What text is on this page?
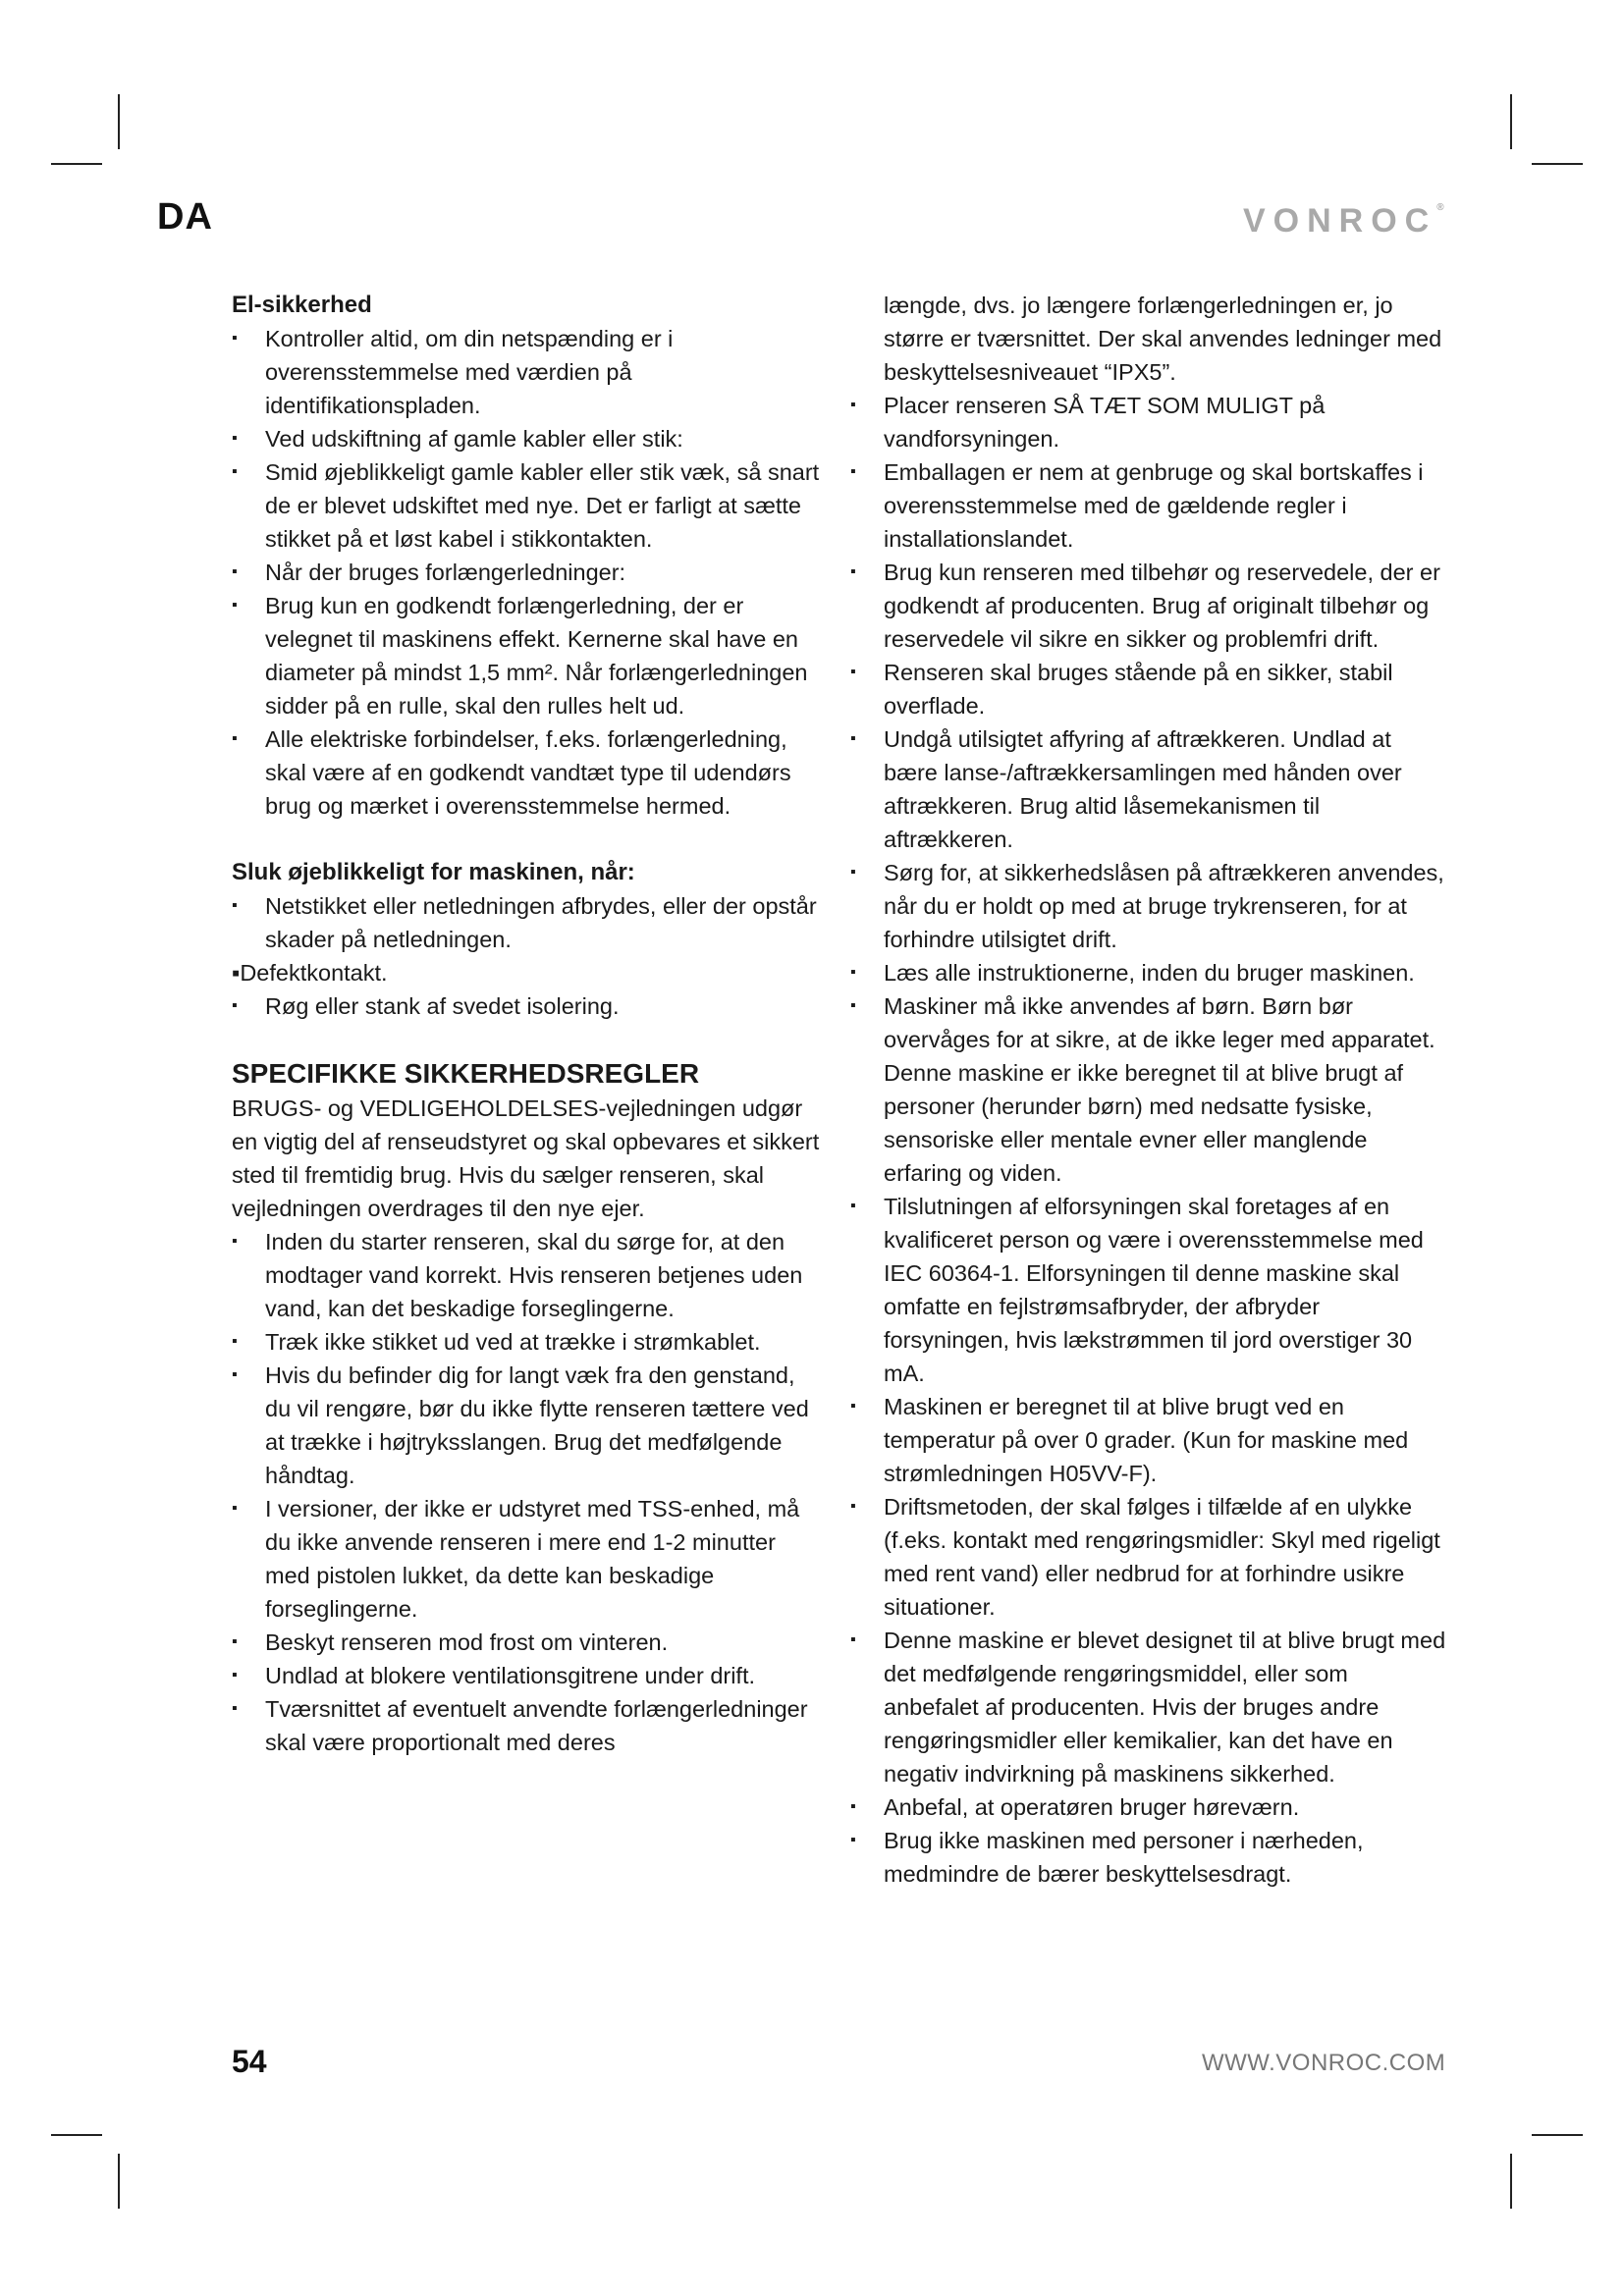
DA	VONROC®
El-sikkerhed
▪ Kontroller altid, om din netspænding er i overensstemmelse med værdien på identifikationspladen.
▪ Ved udskiftning af gamle kabler eller stik:
▪ Smid øjeblikkeligt gamle kabler eller stik væk, så snart de er blevet udskiftet med nye. Det er farligt at sætte stikket på et løst kabel i stikkontakten.
▪ Når der bruges forlængerledninger:
▪ Brug kun en godkendt forlængerledning, der er velegnet til maskinens effekt. Kernerne skal have en diameter på mindst 1,5 mm². Når forlængerledningen sidder på en rulle, skal den rulles helt ud.
▪ Alle elektriske forbindelser, f.eks. forlængerledning, skal være af en godkendt vandtæt type til udendørs brug og mærket i overensstemmelse hermed.
Sluk øjeblikkeligt for maskinen, når:
▪ Netstikket eller netledningen afbrydes, eller der opstår skader på netledningen.
▪Defektkontakt.
▪ Røg eller stank af svedet isolering.
SPECIFIKKE SIKKERHEDSREGLER

BRUGS- og VEDLIGEHOLDELSES-vejledningen udgør en vigtig del af renseudstyret og skal opbevares et sikkert sted til fremtidig brug. Hvis du sælger renseren, skal vejledningen overdrages til den nye ejer.

▪ Inden du starter renseren, skal du sørge for, at den modtager vand korrekt. Hvis renseren betjenes uden vand, kan det beskadige forseglingerne.
▪ Træk ikke stikket ud ved at trække i strømkablet.
▪ Hvis du befinder dig for langt væk fra den genstand, du vil rengøre, bør du ikke flytte renseren tættere ved at trække i højtryksslangen. Brug det medfølgende håndtag.
▪ I versioner, der ikke er udstyret med TSS-enhed, må du ikke anvende renseren i mere end 1-2 minutter med pistolen lukket, da dette kan beskadige forseglingerne.
▪ Beskyt renseren mod frost om vinteren.
▪ Undlad at blokere ventilationsgitrene under drift.
▪ Tværsnittet af eventuelt anvendte forlængerledninger skal være proportionalt med deres
længde, dvs. jo længere forlængerledningen er, jo større er tværsnittet. Der skal anvendes ledninger med beskyttelsesniveauet “IPX5”.
▪ Placer renseren SÅ TÆT SOM MULIGT på vandforsyningen.
▪ Emballagen er nem at genbruge og skal bortskaffes i overensstemmelse med de gældende regler i installationslandet.
▪ Brug kun renseren med tilbehør og reservedele, der er godkendt af producenten. Brug af originalt tilbehør og reservedele vil sikre en sikker og problemfri drift.
▪ Renseren skal bruges stående på en sikker, stabil overflade.
▪ Undgå utilsigtet affyring af aftrækkeren. Undlad at bære lanse-/aftrækkersamlingen med hånden over aftrækkeren. Brug altid låsemekanismen til aftrækkeren.
▪ Sørg for, at sikkerhedslåsen på aftrækkeren anvendes, når du er holdt op med at bruge trykrenseren, for at forhindre utilsigtet drift.
▪ Læs alle instruktionerne, inden du bruger maskinen.
▪ Maskiner må ikke anvendes af børn. Børn bør overvåges for at sikre, at de ikke leger med apparatet. Denne maskine er ikke beregnet til at blive brugt af personer (herunder børn) med nedsatte fysiske, sensoriske eller mentale evner eller manglende erfaring og viden.
▪ Tilslutningen af elforsyningen skal foretages af en kvalificeret person og være i overensstemmelse med IEC 60364-1. Elforsyningen til denne maskine skal omfatte en fejlstrømsafbryder, der afbryder forsyningen, hvis lækstrømmen til jord overstiger 30 mA.
▪ Maskinen er beregnet til at blive brugt ved en temperatur på over 0 grader. (Kun for maskine med strømledningen H05VV-F).
▪ Driftsmetoden, der skal følges i tilfælde af en ulykke (f.eks. kontakt med rengøringsmidler: Skyl med rigeligt med rent vand) eller nedbrud for at forhindre usikre situationer.
▪ Denne maskine er blevet designet til at blive brugt med det medfølgende rengøringsmiddel, eller som anbefalet af producenten. Hvis der bruges andre rengøringsmidler eller kemikalier, kan det have en negativ indvirkning på maskinens sikkerhed.
▪ Anbefal, at operatøren bruger høreværn.
▪ Brug ikke maskinen med personer i nærheden, medmindre de bærer beskyttelsesdragt.
54	WWW.VONROC.COM
